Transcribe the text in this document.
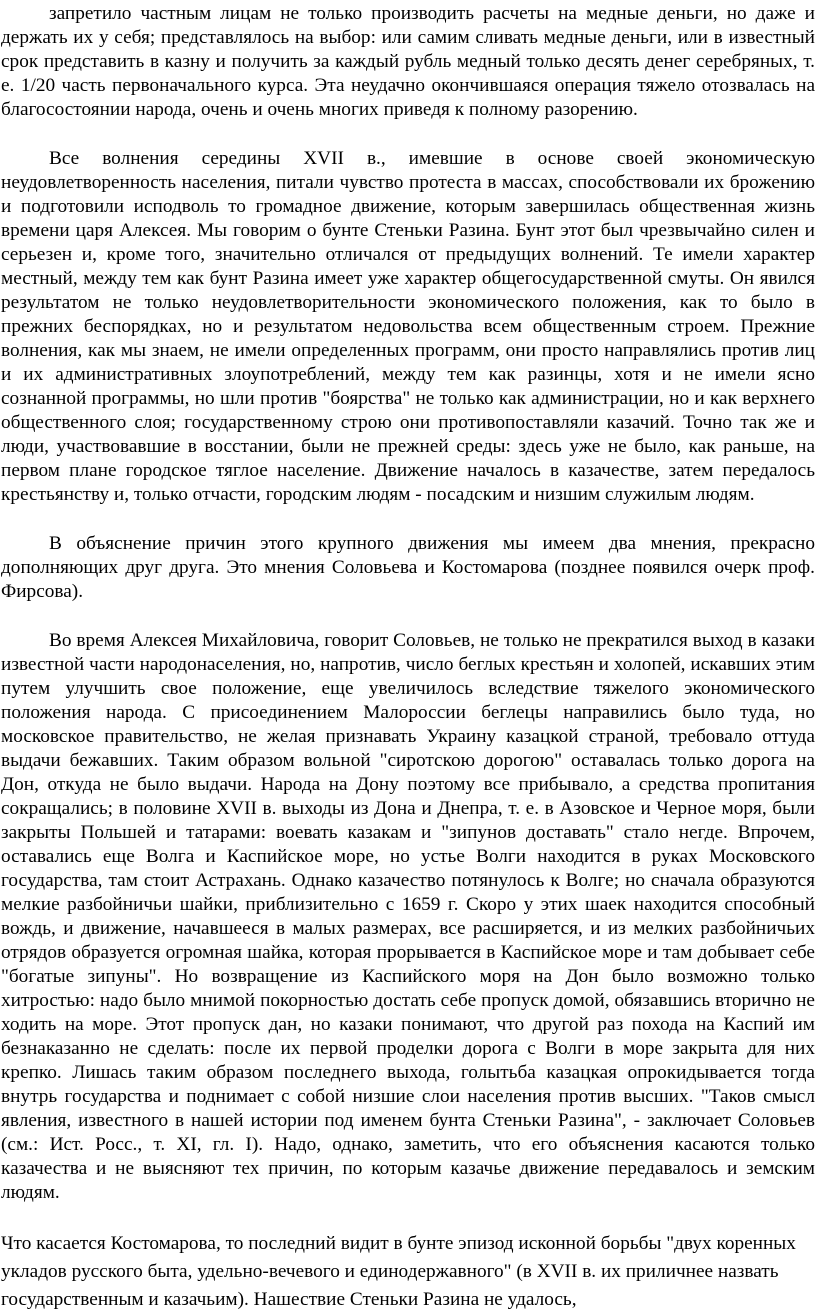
запретило частным лицам не только производить расчеты на медные деньги, но даже и держать их у себя; представлялось на выбор: или самим сливать медные деньги, или в известный срок представить в казну и получить за каждый рубль медный только десять денег серебряных, т. е. 1/20 часть первоначального курса. Эта неудачно окончившаяся операция тяжело отозвалась на благосостоянии народа, очень и очень многих приведя к полному разорению.

Все волнения середины XVII в., имевшие в основе своей экономическую неудовлетворенность населения, питали чувство протеста в массах, способствовали их брожению и подготовили исподволь то громадное движение, которым завершилась общественная жизнь времени царя Алексея. Мы говорим о бунте Стеньки Разина. Бунт этот был чрезвычайно силен и серьезен и, кроме того, значительно отличался от предыдущих волнений. Те имели характер местный, между тем как бунт Разина имеет уже характер общегосударственной смуты. Он явился результатом не только неудовлетворительности экономического положения, как то было в прежних беспорядках, но и результатом недовольства всем общественным строем. Прежние волнения, как мы знаем, не имели определенных программ, они просто направлялись против лиц и их административных злоупотреблений, между тем как разинцы, хотя и не имели ясно сознанной программы, но шли против "боярства" не только как администрации, но и как верхнего общественного слоя; государственному строю они противопоставляли казачий. Точно так же и люди, участвовавшие в восстании, были не прежней среды: здесь уже не было, как раньше, на первом плане городское тяглое население. Движение началось в казачестве, затем передалось крестьянству и, только отчасти, городским людям - посадским и низшим служилым людям.

В объяснение причин этого крупного движения мы имеем два мнения, прекрасно дополняющих друг друга. Это мнения Соловьева и Костомарова (позднее появился очерк проф. Фирсова).

Во время Алексея Михайловича, говорит Соловьев, не только не прекратился выход в казаки известной части народонаселения, но, напротив, число беглых крестьян и холопей, искавших этим путем улучшить свое положение, еще увеличилось вследствие тяжелого экономического положения народа. С присоединением Малороссии беглецы направились было туда, но московское правительство, не желая признавать Украину казацкой страной, требовало оттуда выдачи бежавших. Таким образом вольной "сиротскою дорогою" оставалась только дорога на Дон, откуда не было выдачи. Народа на Дону поэтому все прибывало, а средства пропитания сокращались; в половине XVII в. выходы из Дона и Днепра, т. е. в Азовское и Черное моря, были закрыты Польшей и татарами: воевать казакам и "зипунов доставать" стало негде. Впрочем, оставались еще Волга и Каспийское море, но устье Волги находится в руках Московского государства, там стоит Астрахань. Однако казачество потянулось к Волге; но сначала образуются мелкие разбойничьи шайки, приблизительно с 1659 г. Скоро у этих шаек находится способный вождь, и движение, начавшееся в малых размерах, все расширяется, и из мелких разбойничьих отрядов образуется огромная шайка, которая прорывается в Каспийское море и там добывает себе "богатые зипуны". Но возвращение из Каспийского моря на Дон было возможно только хитростью: надо было мнимой покорностью достать себе пропуск домой, обязавшись вторично не ходить на море. Этот пропуск дан, но казаки понимают, что другой раз похода на Каспий им безнаказанно не сделать: после их первой проделки дорога с Волги в море закрыта для них крепко. Лишась таким образом последнего выхода, голытьба казацкая опрокидывается тогда внутрь государства и поднимает с собой низшие слои населения против высших. "Таков смысл явления, известного в нашей истории под именем бунта Стеньки Разина", - заключает Соловьев (см.: Ист. Росс., т. XI, гл. I). Надо, однако, заметить, что его объяснения касаются только казачества и не выясняют тех причин, по которым казачье движение передавалось и земским людям.

Что касается Костомарова, то последний видит в бунте эпизод исконной борьбы "двух коренных укладов русского быта, удельно-вечевого и единодержавного" (в XVII в. их приличнее назвать государственным и казачьим). Нашествие Стеньки Разина не удалось,
